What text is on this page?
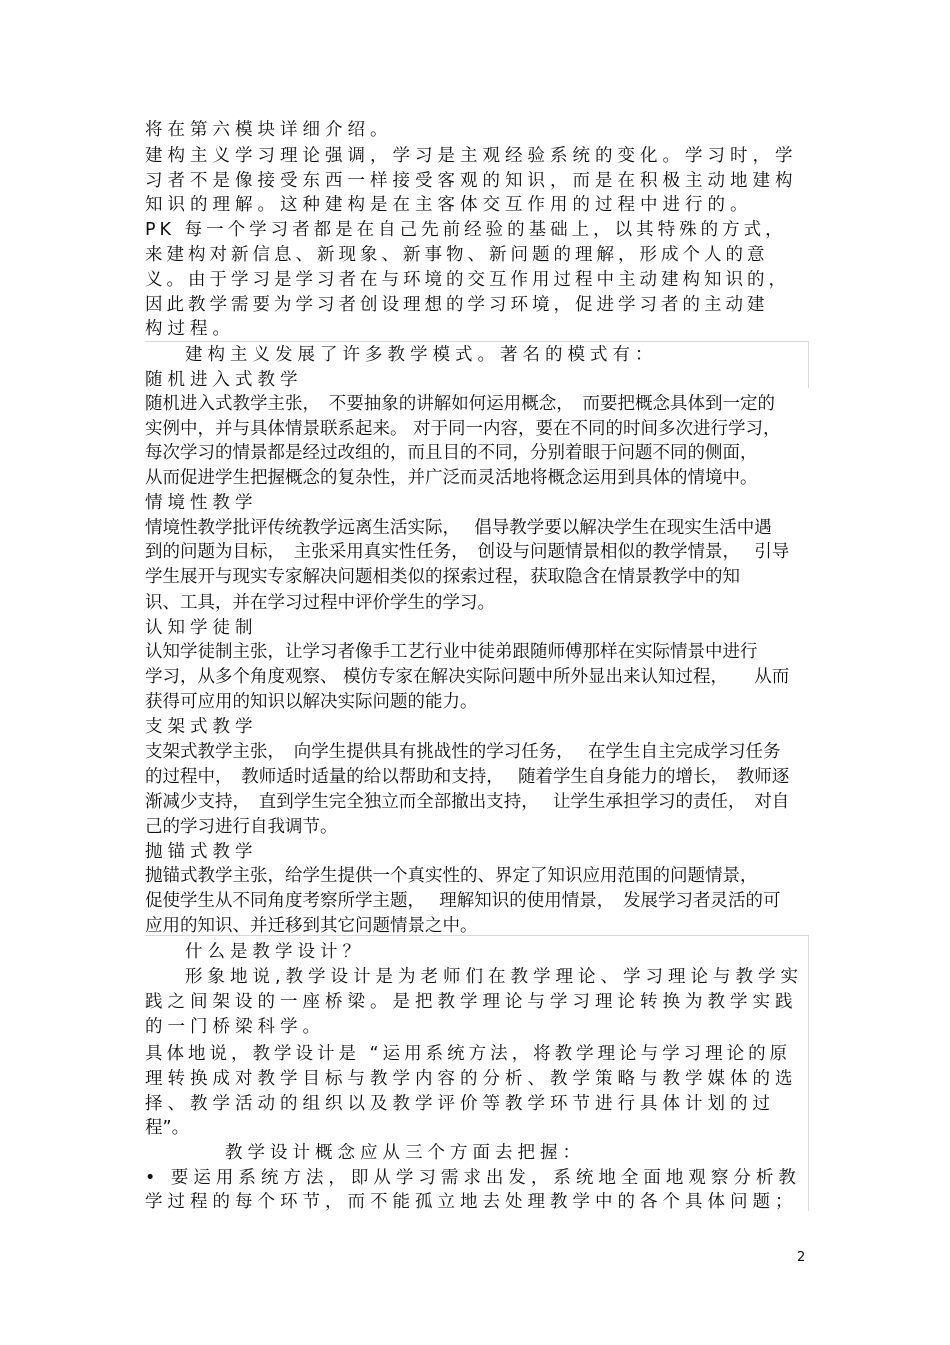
将在第六模块详细介绍。
建构主义学习理论强调，学习是主观经验系统的变化。学习时，学
习者不是像接受东西一样接受客观的知识，而是在积极主动地建构
知识的理解。这种建构是在主客体交互作用的过程中进行的。
PK 每一个学习者都是在自己先前经验的基础上，以其特殊的方式，
来建构对新信息、新现象、新事物、新问题的理解，形成个人的意
义。由于学习是学习者在与环境的交互作用过程中主动建构知识的，
因此教学需要为学习者创设理想的学习环境，促进学习者的主动建
构过程。
建构主义发展了许多教学模式。著名的模式有：
随机进入式教学
随机进入式教学主张，　不要抽象的讲解如何运用概念，　而要把概念具体到一定的
实例中，并与具体情景联系起来。 对于同一内容，要在不同的时间多次进行学习，
每次学习的情景都是经过改组的，而且目的不同，分别着眼于问题不同的侧面，
从而促进学生把握概念的复杂性，并广泛而灵活地将概念运用到具体的情境中。
情境性教学
情境性教学批评传统教学远离生活实际，　 倡导教学要以解决学生在现实生活中遇
到的问题为目标，　主张采用真实性任务，　创设与问题情景相似的教学情景，　 引导
学生展开与现实专家解决问题相类似的探索过程，获取隐含在情景教学中的知
识、工具，并在学习过程中评价学生的学习。
认知学徒制
认知学徒制主张，让学习者像手工艺行业中徒弟跟随师傅那样在实际情景中进行
学习，从多个角度观察、 模仿专家在解决实际问题中所外显出来认知过程，　　从而
获得可应用的知识以解决实际问题的能力。
支架式教学
支架式教学主张，　向学生提供具有挑战性的学习任务，　 在学生自主完成学习任务
的过程中，　教师适时适量的给以帮助和支持，　 随着学生自身能力的增长，　教师逐
渐减少支持，　直到学生完全独立而全部撤出支持，　 让学生承担学习的责任，　对自
己的学习进行自我调节。
抛锚式教学
抛锚式教学主张，给学生提供一个真实性的、界定了知识应用范围的问题情景，
促使学生从不同角度考察所学主题，　 理解知识的使用情景，　发展学习者灵活的可
应用的知识、并迁移到其它问题情景之中。
什么是教学设计？
形象地说,教学设计是为老师们在教学理论、学习理论与教学实
践之间架设的一座桥梁。是把教学理论与学习理论转换为教学实践
的一门桥梁科学。
具体地说，教学设计是 “运用系统方法，将教学理论与学习理论的原
理转换成对教学目标与教学内容的分析、教学策略与教学媒体的选
择、教学活动的组织以及教学评价等教学环节进行具体计划的过
程”。
教学设计概念应从三个方面去把握：
• 要运用系统方法，即从学习需求出发，系统地全面地观察分析教
学过程的每个环节，而不能孤立地去处理教学中的各个具体问题；
2
